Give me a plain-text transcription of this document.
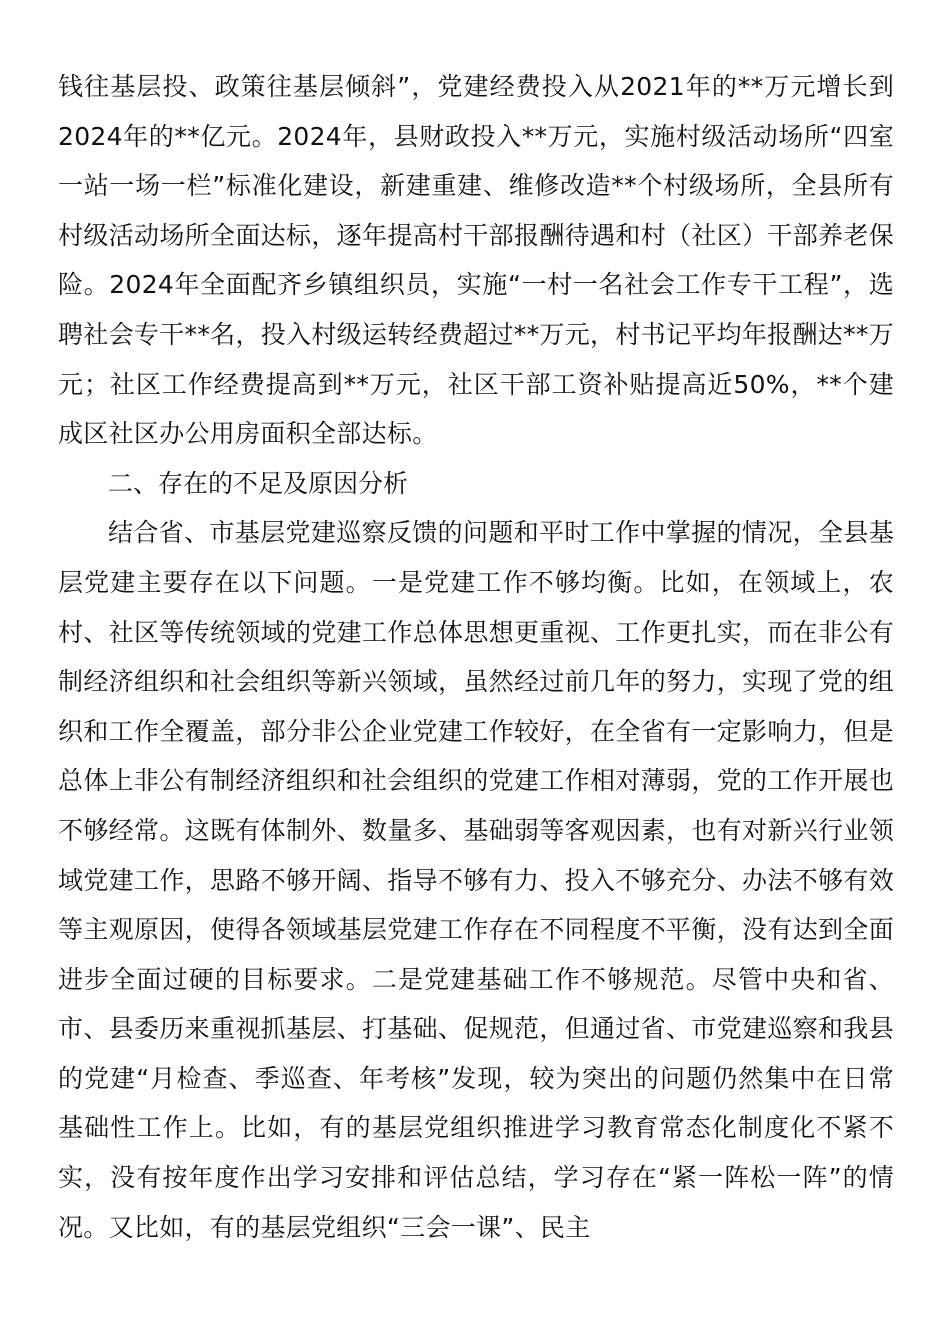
钱往基层投、政策往基层倾斜”，党建经费投入从2021年的**万元增长到2024年的**亿元。2024年，县财政投入**万元，实施村级活动场所“四室一站一场一栏”标准化建设，新建重建、维修改造**个村级场所，全县所有村级活动场所全面达标，逐年提高村干部报酬待遇和村（社区）干部养老保险。2024年全面配齐乡镇组织员，实施“一村一名社会工作专干工程”，选聘社会专干**名，投入村级运转经费超过**万元，村书记平均年报酬达**万元；社区工作经费提高到**万元，社区干部工资补贴提高近50%，**个建成区社区办公用房面积全部达标。

二、存在的不足及原因分析

结合省、市基层党建巡察反馈的问题和平时工作中掌握的情况，全县基层党建主要存在以下问题。一是党建工作不够均衡。比如，在领域上，农村、社区等传统领域的党建工作总体思想更重视、工作更扎实，而在非公有制经济组织和社会组织等新兴领域，虽然经过前几年的努力，实现了党的组织和工作全覆盖，部分非公企业党建工作较好，在全省有一定影响力，但是总体上非公有制经济组织和社会组织的党建工作相对薄弱，党的工作开展也不够经常。这既有体制外、数量多、基础弱等客观因素，也有对新兴行业领域党建工作，思路不够开阔、指导不够有力、投入不够充分、办法不够有效等主观原因，使得各领域基层党建工作存在不同程度不平衡，没有达到全面进步全面过硬的目标要求。二是党建基础工作不够规范。尽管中央和省、市、县委历来重视抓基层、打基础、促规范，但通过省、市党建巡察和我县的党建“月检查、季巡查、年考核”发现，较为突出的问题仍然集中在日常基础性工作上。比如，有的基层党组织推进学习教育常态化制度化不紧不实，没有按年度作出学习安排和评估总结，学习存在“紧一阵松一阵”的情况。又比如，有的基层党组织“三会一课”、民主
